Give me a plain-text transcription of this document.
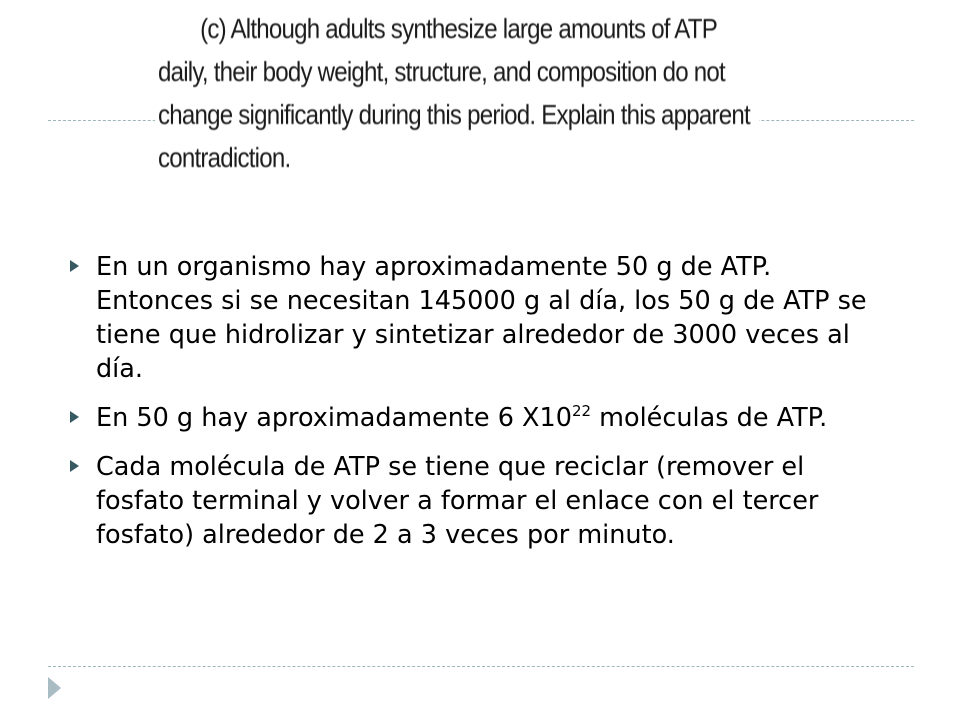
(c) Although adults synthesize large amounts of ATP
daily, their body weight, structure, and composition do not
change significantly during this period. Explain this apparent
contradiction.
En un organismo hay aproximadamente 50 g de ATP. Entonces si se necesitan 145000 g al día, los 50 g de ATP se tiene que hidrolizar y sintetizar alrededor de 3000 veces al día.
En 50 g hay aproximadamente 6 $X10^{22}$ moléculas de ATP.
Cada molécula de ATP se tiene que reciclar (remover el fosfato terminal y volver a formar el enlace con el tercer fosfato) alrededor de 2 a 3 veces por minuto.
